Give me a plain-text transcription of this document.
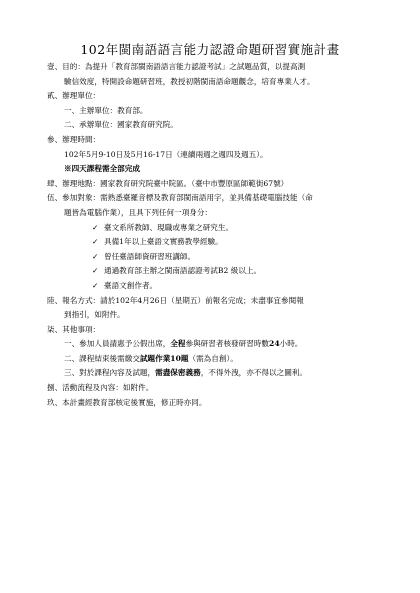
102年閩南語語言能力認證命題研習實施計畫
壹、目的：為提升「教育部閩南語語言能力認證考試」之試題品質，以提高測
驗信效度，特開設命題研習班，教授初階閩南語命題觀念，培育專業人才。
貳、辦理單位：
一、主辦單位：教育部。
二、承辦單位：國家教育研究院。
參、辦理時間：
102年5月9-10日及5月16-17日（連續兩週之週四及週五）。
※四天課程需全部完成
肆、辦理地點：國家教育研究院臺中院區。（臺中市豐原區師範街67號）
伍、參加對象：需熟悉臺羅音標及教育部閩南語用字，並具備基礎電腦技能（命
題皆為電腦作業），且具下列任何一項身分：
✓ 臺文系所教師、現職或專業之研究生。
✓ 具備1年以上臺語文實務教學經驗。
✓ 曾任臺語師資研習班講師。
✓ 通過教育部主辦之閩南語認證考試B2 級以上。
✓ 臺語文創作者。
陸、報名方式：請於102年4月26日（星期五）前報名完成；未盡事宜參閱報
到指引，如附件。
柒、其他事項：
一、參加人員請惠予公假出席，全程參與研習者核發研習時數24小時。
二、課程結束後需繳交試題作業10題（需為自創）。
三、對於課程內容及試題，需盡保密義務，不得外洩，亦不得以之圖利。
捌、活動流程及內容：如附件。
玖、本計畫經教育部核定後實施，修正時亦同。
